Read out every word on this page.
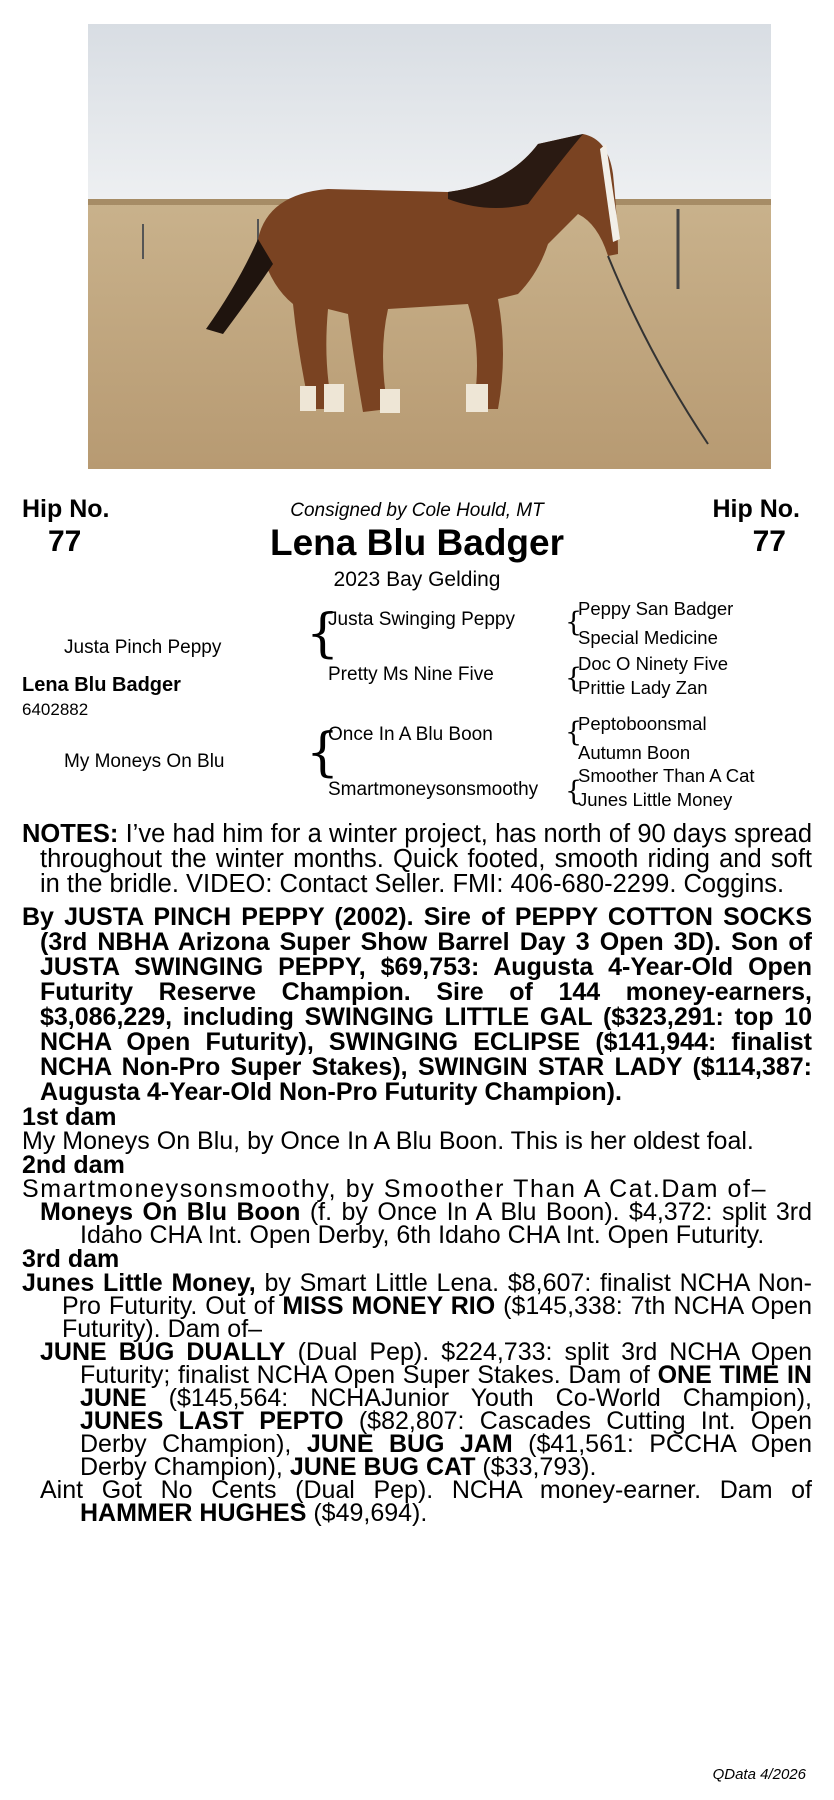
Hip No.
77
Hip No.
77
Consigned by Cole Hould, MT
Lena Blu Badger
2023 Bay Gelding
Justa Pinch Peppy
Lena Blu Badger
6402882
My Moneys On Blu
{
{
Justa Swinging Peppy
Pretty Ms Nine Five
Once In A Blu Boon
Smartmoneysonsmoothy
{
{
{
{
Peppy San Badger
Special Medicine
Doc O Ninety Five
Prittie Lady Zan
Peptoboonsmal
Autumn Boon
Smoother Than A Cat
Junes Little Money

NOTES: I’ve had him for a winter project, has north of 90 days spread throughout the winter months. Quick footed, smooth riding and soft in the bridle. VIDEO: Contact Seller. FMI: 406-680-2299. Coggins.

By JUSTA PINCH PEPPY (2002). Sire of PEPPY COTTON SOCKS (3rd NBHA Arizona Super Show Barrel Day 3 Open 3D). Son of JUSTA SWINGING PEPPY, $69,753: Augusta 4-Year-Old Open Futurity Reserve Champion. Sire of 144 money-earners, $3,086,229, including SWINGING LITTLE GAL ($323,291: top 10 NCHA Open Futurity), SWINGING ECLIPSE ($141,944: finalist NCHA Non-Pro Super Stakes), SWINGIN STAR LADY ($114,387: Augusta 4-Year-Old Non-Pro Futurity Champion).

1st dam

My Moneys On Blu, by Once In A Blu Boon. This is her oldest foal.

2nd dam

Smartmoneysonsmoothy, by Smoother Than A Cat.Dam of–

Moneys On Blu Boon (f. by Once In A Blu Boon). $4,372: split 3rd Idaho CHA Int. Open Derby, 6th Idaho CHA Int. Open Futurity.

3rd dam

Junes Little Money, by Smart Little Lena. $8,607: finalist NCHA Non-Pro Futurity. Out of MISS MONEY RIO ($145,338: 7th NCHA Open Futurity). Dam of–

JUNE BUG DUALLY (Dual Pep). $224,733: split 3rd NCHA Open Futurity; finalist NCHA Open Super Stakes. Dam of ONE TIME IN JUNE ($145,564: NCHAJunior Youth Co-World Champion), JUNES LAST PEPTO ($82,807: Cascades Cutting Int. Open Derby Champion), JUNE BUG JAM ($41,561: PCCHA Open Derby Champion), JUNE BUG CAT ($33,793).

Aint Got No Cents (Dual Pep). NCHA money-earner. Dam of HAMMER HUGHES ($49,694).

QData 4/2026
